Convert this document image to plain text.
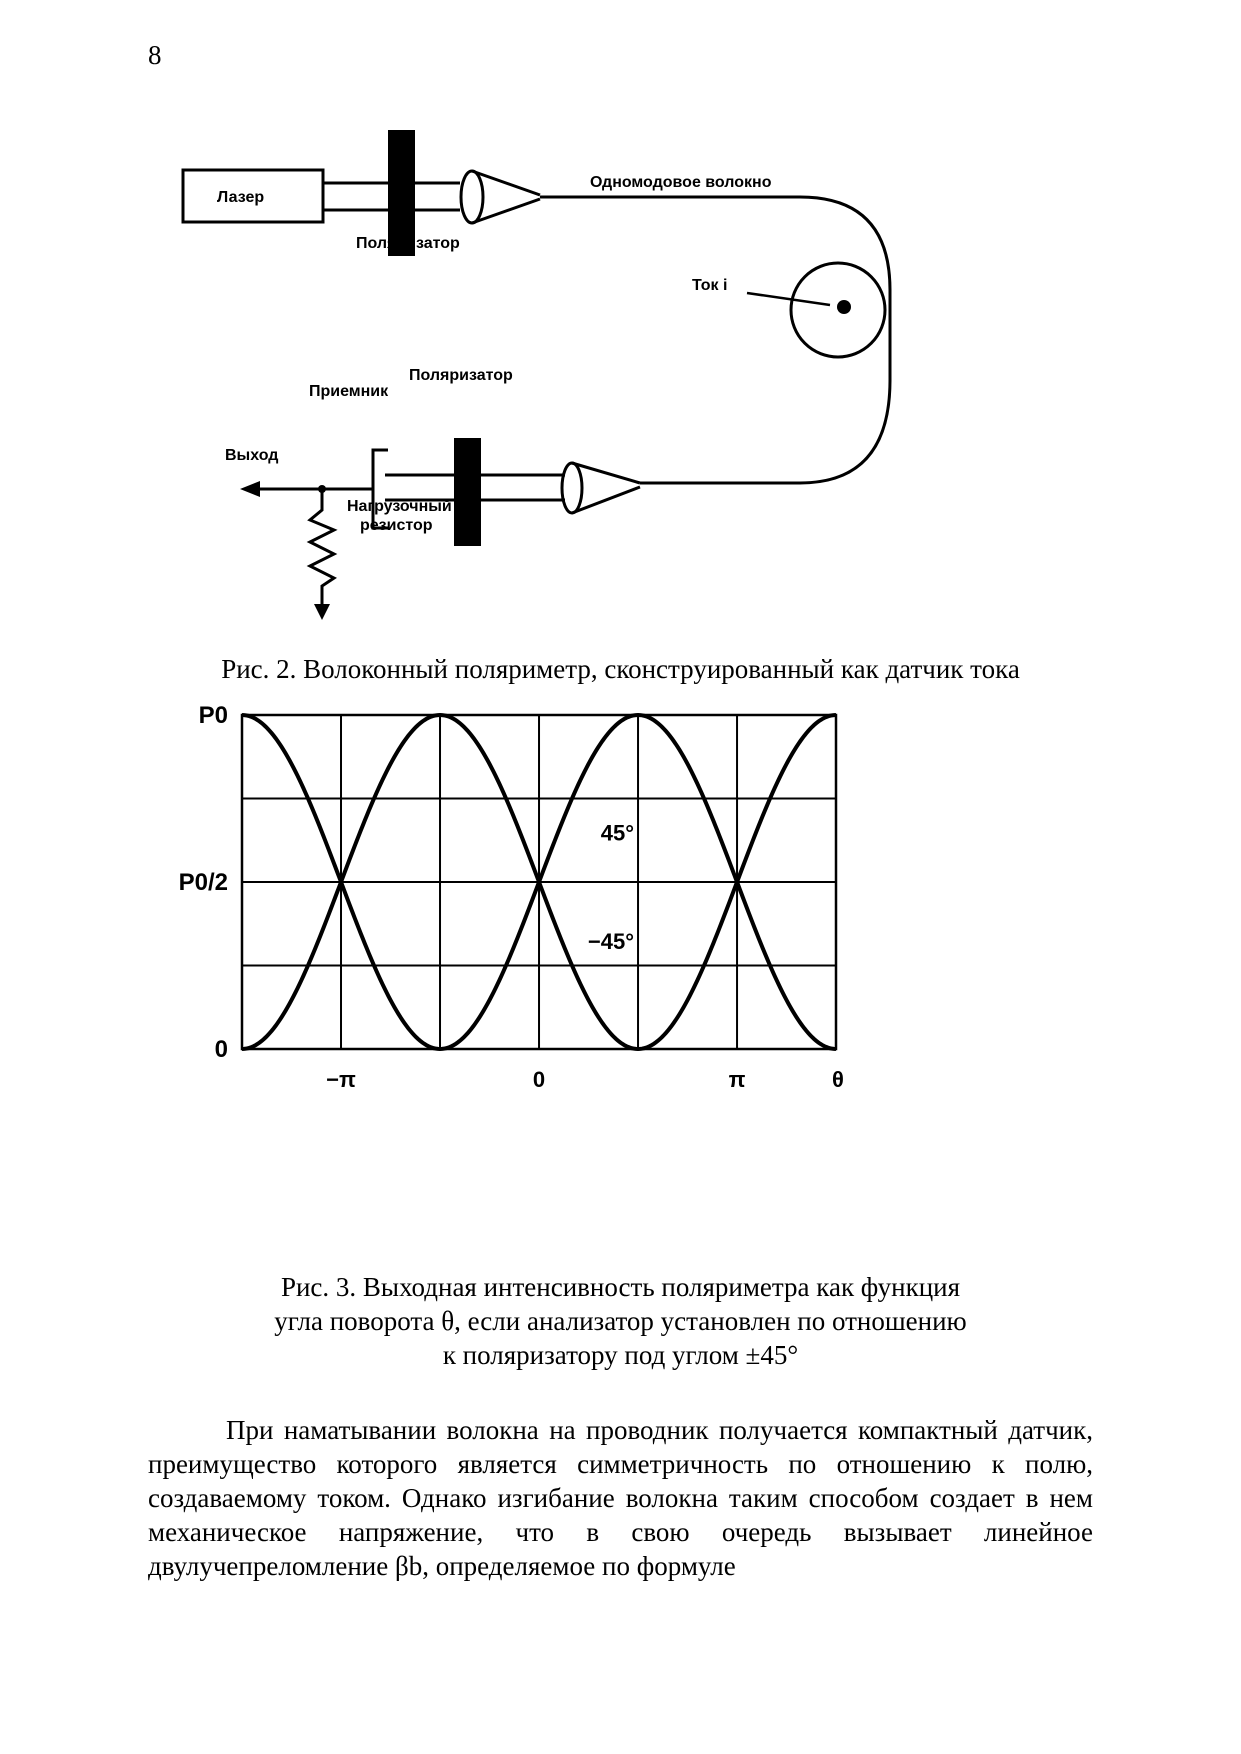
8
Лазер
Поляризатор
Одномодовое волокно
Ток i
Приемник
Поляризатор
Выход
Нагрузочный
резистор
Рис. 2. Волоконный поляриметр, сконструированный как датчик тока
0
P0/2
P0
−π	0	π	θ
45°
−45°
Рис. 3. Выходная интенсивность поляриметра как функция
угла поворота θ, если анализатор установлен по отношению
к поляризатору под углом ±45°

При наматывании волокна на проводник получается компактный датчик, преимущество которого является симметричность по отношению к полю, создаваемому током. Однако изгибание волокна таким способом создает в нем механическое напряжение, что в свою очередь вызывает линейное двулучепреломление βb, определяемое по формуле
